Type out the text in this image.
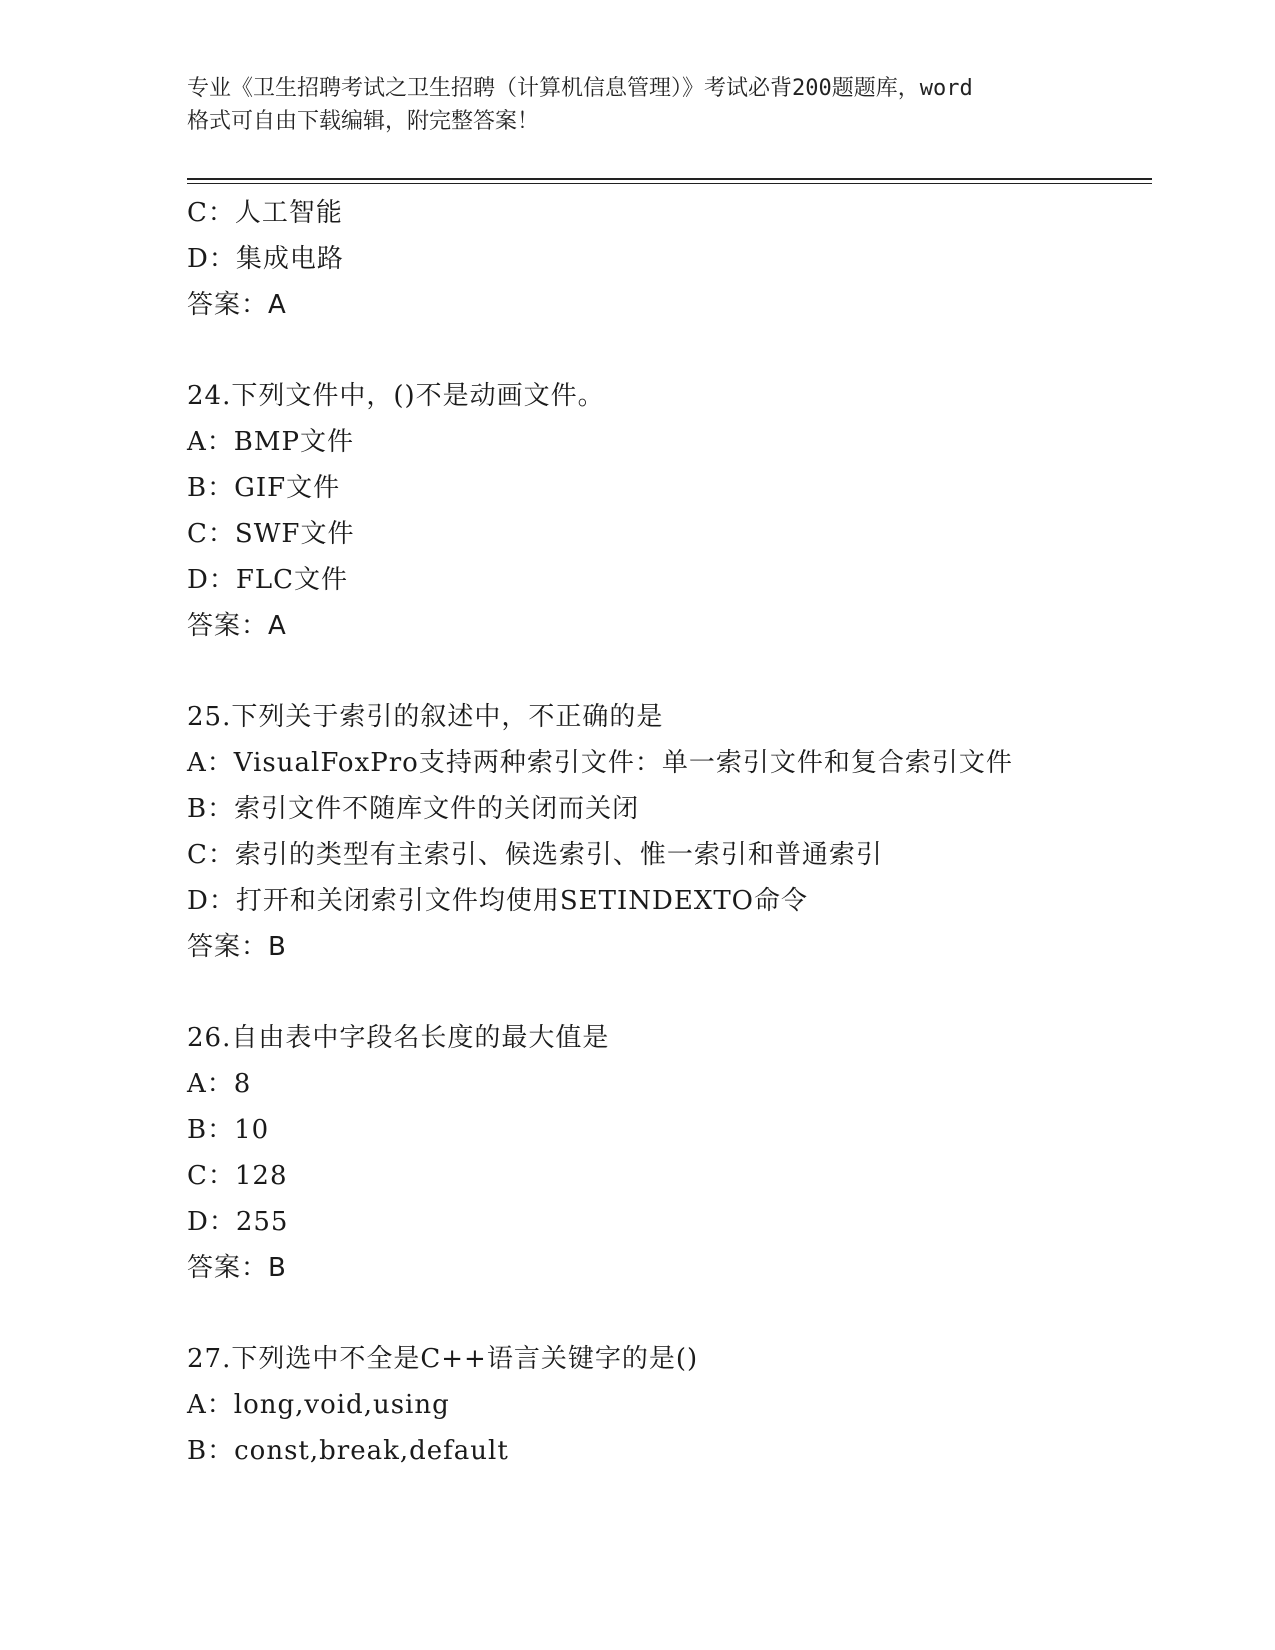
专业《卫生招聘考试之卫生招聘（计算机信息管理）》考试必背200题题库，word
格式可自由下载编辑，附完整答案！
C：人工智能
D：集成电路
答案：A
24.下列文件中，()不是动画文件。
A：BMP文件
B：GIF文件
C：SWF文件
D：FLC文件
答案：A
25.下列关于索引的叙述中，不正确的是
A：VisualFoxPro支持两种索引文件：单一索引文件和复合索引文件
B：索引文件不随库文件的关闭而关闭
C：索引的类型有主索引、候选索引、惟一索引和普通索引
D：打开和关闭索引文件均使用SETINDEXTO命令
答案：B
26.自由表中字段名长度的最大值是
A：8
B：10
C：128
D：255
答案：B
27.下列选中不全是C++语言关键字的是()
A：long,void,using
B：const,break,default
